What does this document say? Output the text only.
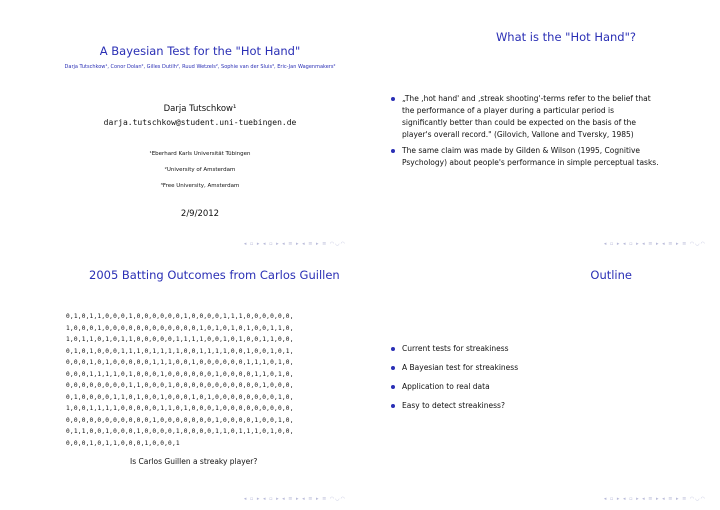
A Bayesian Test for the "Hot Hand"
Darja Tutschkow¹, Conor Dolan², Gilles Dutilh², Ruud Wetzels², Sophie van der Sluis³, Eric-Jan Wagenmakers²
Darja Tutschkow¹
darja.tutschkow@student.uni-tuebingen.de
¹Eberhard Karls Universität Tübingen
²University of Amsterdam
³Free University, Amsterdam
2/9/2012
◂ ▫ ▸ ◂ ▫ ▸ ◂ ≡ ▸ ◂ ≡ ▸ ≡ ◠◡◠
What is the "Hot Hand"?
„The ‚hot hand' and ‚streak shooting'-terms refer to the belief that the performance of a player during a particular period is significantly better than could be expected on the basis of the player's overall record." (Gilovich, Vallone and Tversky, 1985)
The same claim was made by Gilden & Wilson (1995, Cognitive Psychology) about people's performance in simple perceptual tasks.
◂ ▫ ▸ ◂ ▫ ▸ ◂ ≡ ▸ ◂ ≡ ▸ ≡ ◠◡◠
2005 Batting Outcomes from Carlos Guillen
0,1,0,1,1,0,0,0,1,0,0,0,0,0,0,1,0,0,0,0,1,1,1,0,0,0,0,0,0,
1,0,0,0,1,0,0,0,0,0,0,0,0,0,0,0,0,1,0,1,0,1,0,1,0,0,1,1,0,
1,0,1,1,0,1,0,1,1,0,0,0,0,0,1,1,1,1,0,0,1,0,1,0,0,1,1,0,0,
0,1,0,1,0,0,0,1,1,1,0,1,1,1,1,0,0,1,1,1,1,0,0,1,0,0,1,0,1,
0,0,0,1,0,1,0,0,0,0,0,1,1,1,0,0,1,0,0,0,0,0,0,1,1,1,0,1,0,
0,0,0,1,1,1,1,0,1,0,0,0,1,0,0,0,0,0,0,1,0,0,0,0,1,1,0,1,0,
0,0,0,0,0,0,0,0,1,1,0,0,0,1,0,0,0,0,0,0,0,0,0,0,0,1,0,0,0,
0,1,0,0,0,0,1,1,0,1,0,0,1,0,0,0,1,0,1,0,0,0,0,0,0,0,0,1,0,
1,0,0,1,1,1,1,0,0,0,0,0,1,1,0,1,0,0,0,1,0,0,0,0,0,0,0,0,0,
0,0,0,0,0,0,0,0,0,0,0,1,0,0,0,0,0,0,0,1,0,0,0,0,1,0,0,1,0,
0,1,1,0,0,1,0,0,0,1,0,0,0,0,1,0,0,0,0,1,1,0,1,1,1,0,1,0,0,
0,0,0,1,0,1,1,0,0,0,1,0,0,0,1
Is Carlos Guillen a streaky player?
◂ ▫ ▸ ◂ ▫ ▸ ◂ ≡ ▸ ◂ ≡ ▸ ≡ ◠◡◠
Outline
Current tests for streakiness
A Bayesian test for streakiness
Application to real data
Easy to detect streakiness?
◂ ▫ ▸ ◂ ▫ ▸ ◂ ≡ ▸ ◂ ≡ ▸ ≡ ◠◡◠
